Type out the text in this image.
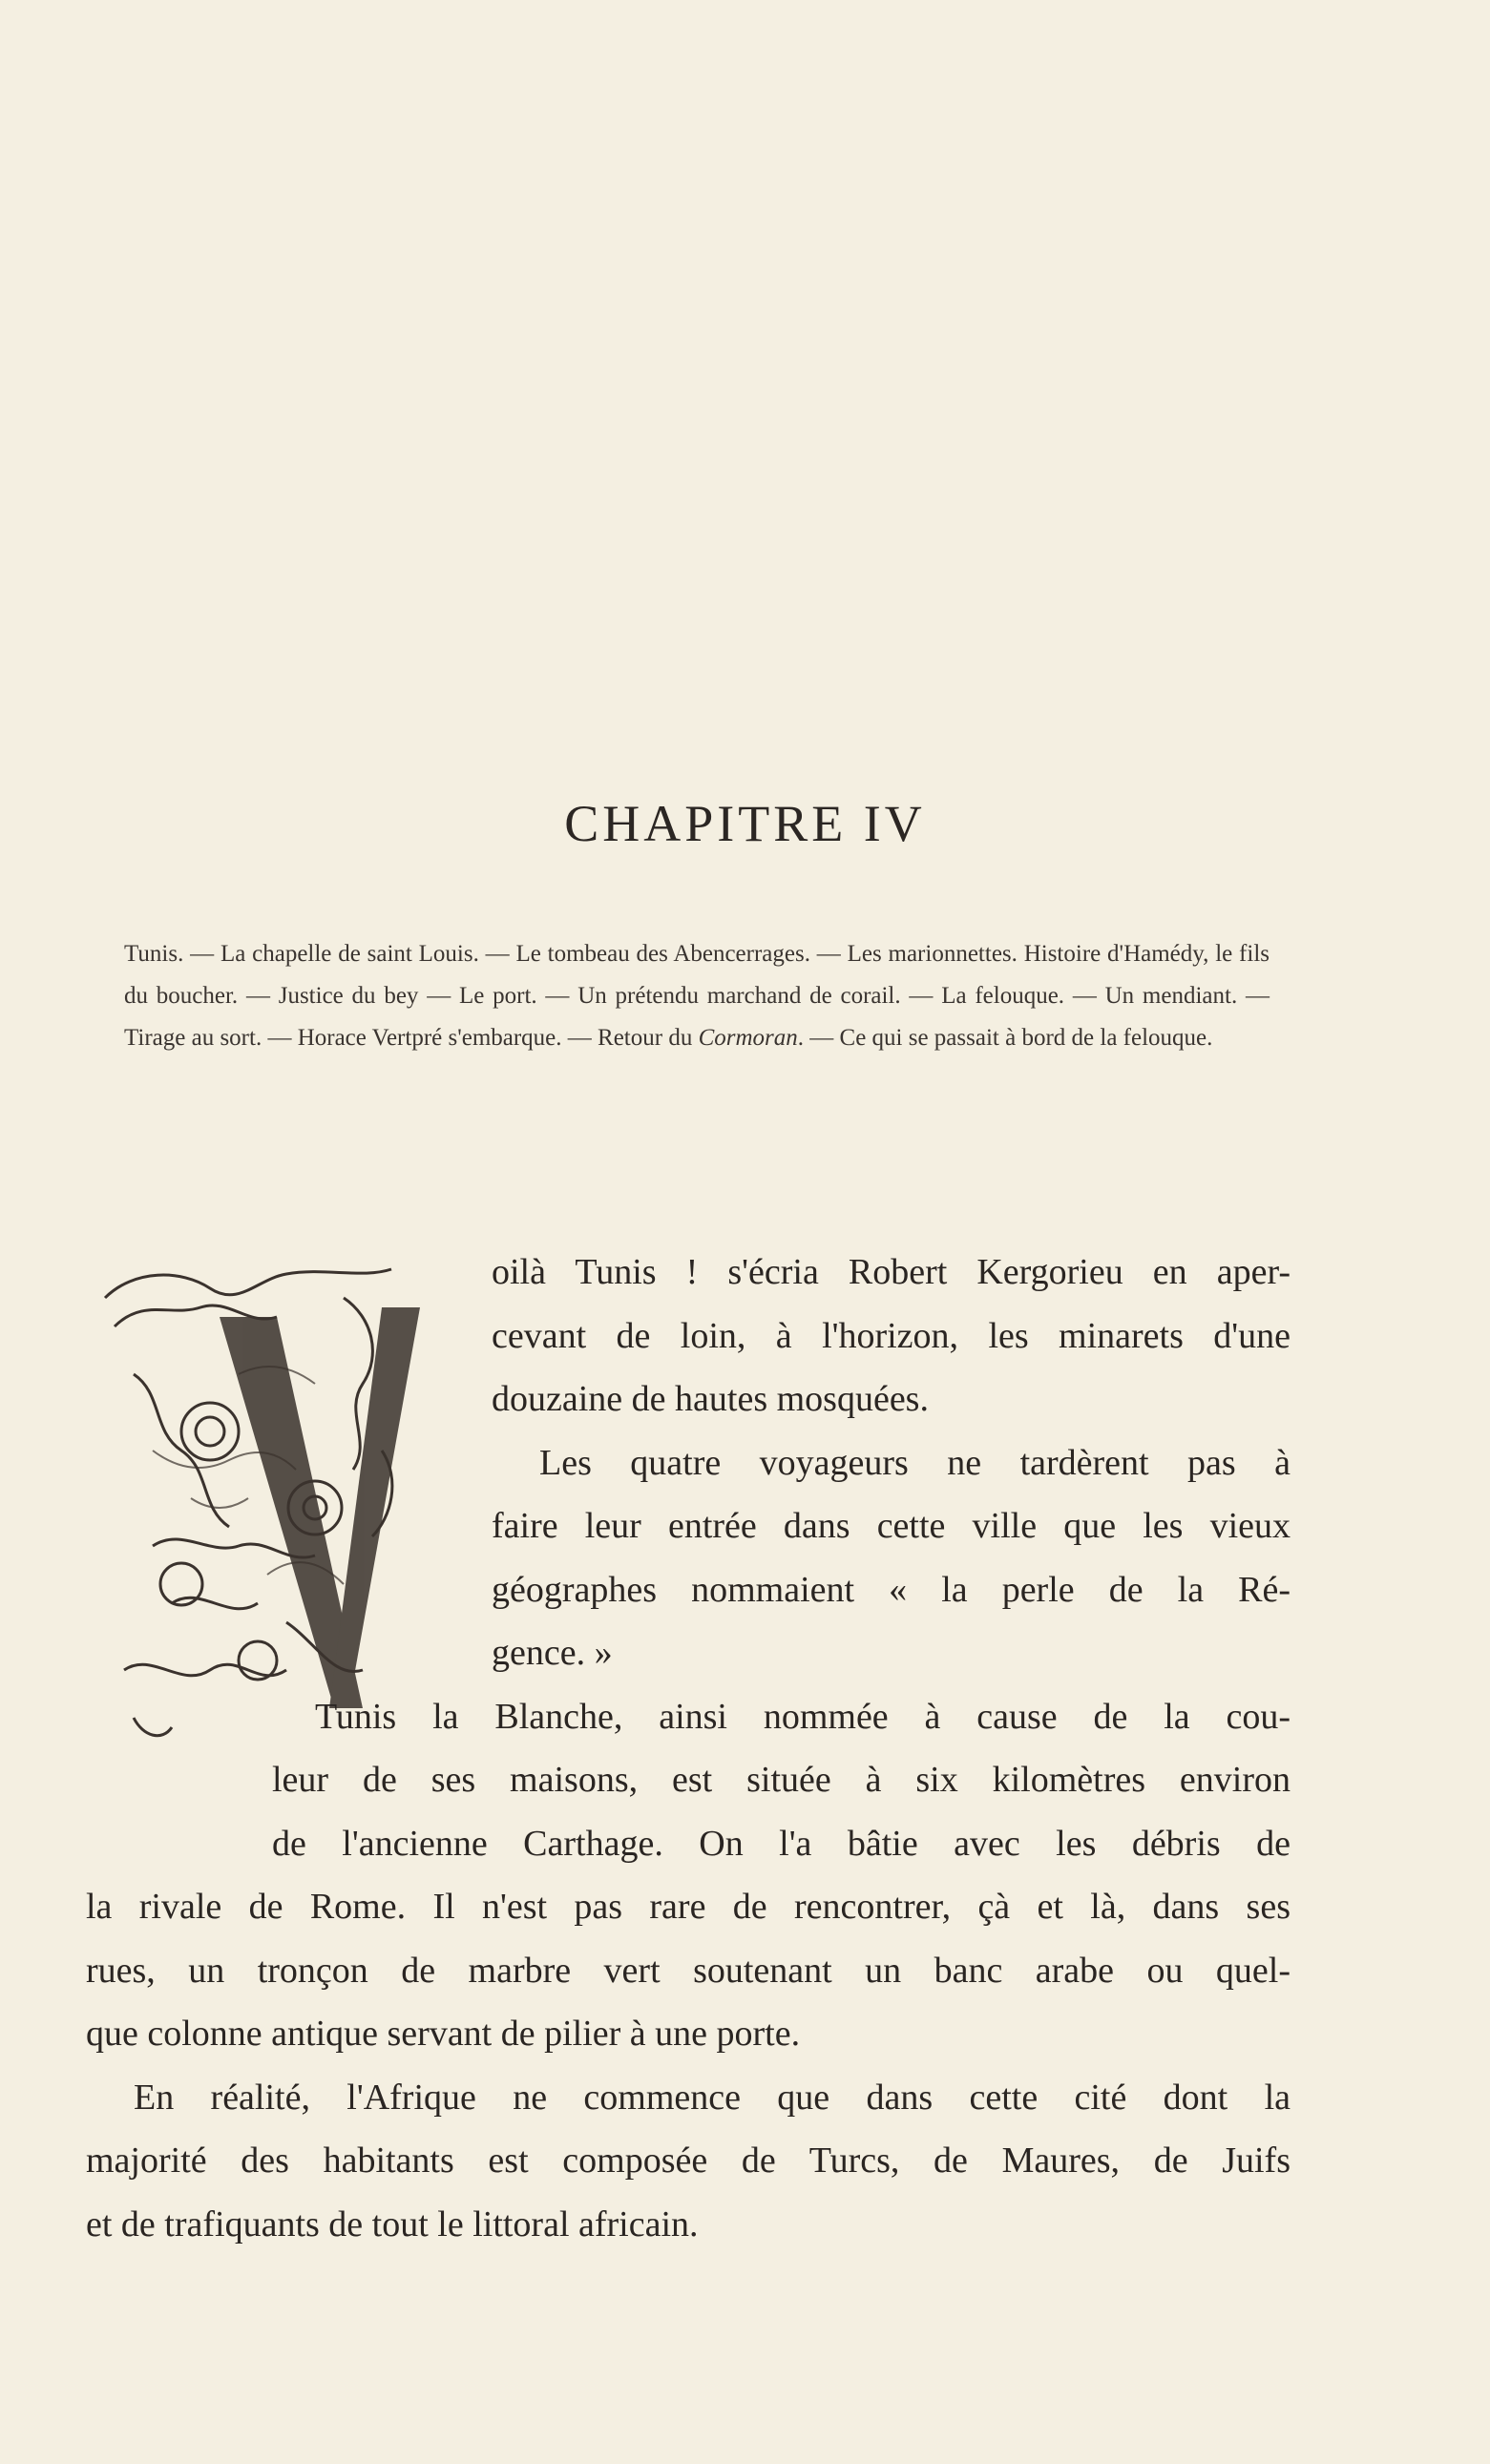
CHAPITRE IV
Tunis. — La chapelle de saint Louis. — Le tombeau des Abencerrages. — Les marionnettes. Histoire d'Hamédy, le fils du boucher. — Justice du bey — Le port. — Un prétendu marchand de corail. — La felouque. — Un mendiant. — Tirage au sort. — Horace Vertpré s'embarque. — Retour du Cormoran. — Ce qui se passait à bord de la felouque.
oilà Tunis ! s'écria Robert Kergorieu en aper-
cevant de loin, à l'horizon, les minarets d'une
douzaine de hautes mosquées.
Les quatre voyageurs ne tardèrent pas à
faire leur entrée dans cette ville que les vieux
géographes nommaient « la perle de la Ré-
gence. »
Tunis la Blanche, ainsi nommée à cause de la cou-
leur de ses maisons, est située à six kilomètres environ
de l'ancienne Carthage. On l'a bâtie avec les débris de
la rivale de Rome. Il n'est pas rare de rencontrer, çà et là, dans ses
rues, un tronçon de marbre vert soutenant un banc arabe ou quel-
que colonne antique servant de pilier à une porte.
En réalité, l'Afrique ne commence que dans cette cité dont la
majorité des habitants est composée de Turcs, de Maures, de Juifs
et de trafiquants de tout le littoral africain.
